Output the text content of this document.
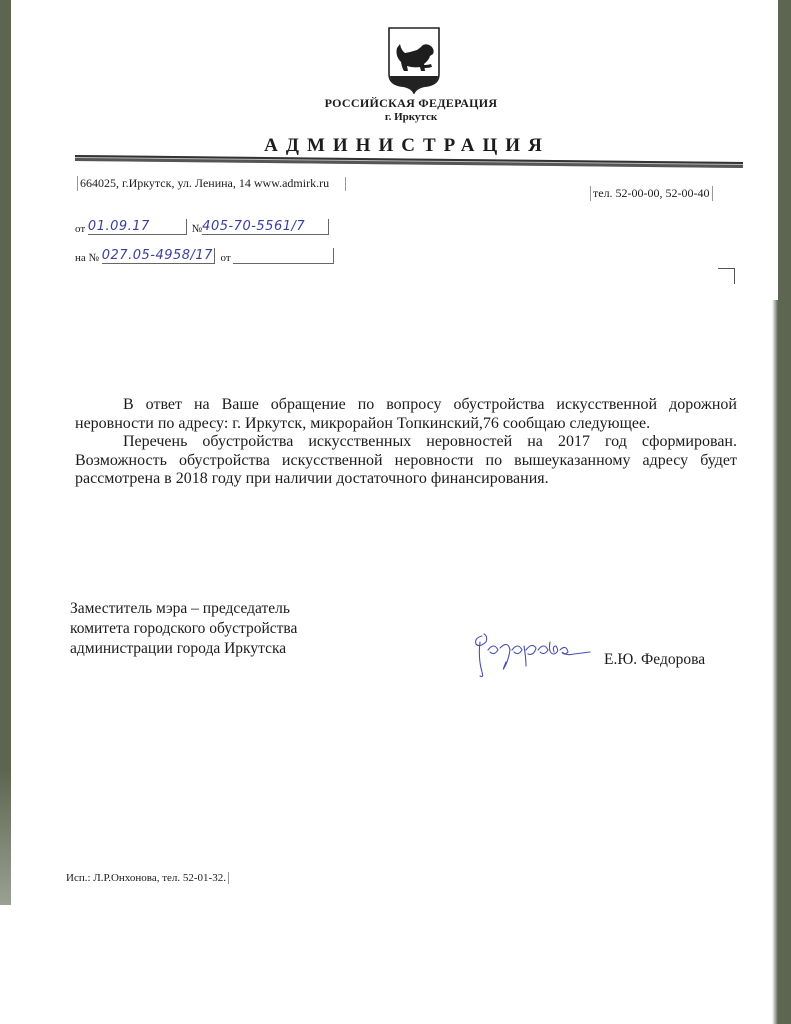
РОССИЙСКАЯ ФЕДЕРАЦИЯ
г. Иркутск
АДМИНИСТРАЦИЯ
664025, г.Иркутск, ул. Ленина, 14 www.admirk.ru
тел. 52-00-00, 52-00-40
от 01.09.17	№405-70-5561/7
на № 027.05-4958/17 от

В ответ на Ваше обращение по вопросу обустройства искусственной дорожной неровности по адресу: г. Иркутск, микрорайон Топкинский,76 сообщаю следующее.

Перечень обустройства искусственных неровностей на 2017 год сформирован. Возможность обустройства искусственной неровности по вышеуказанному адресу будет рассмотрена в 2018 году при наличии достаточного финансирования.

Заместитель мэра – председатель
комитета городского обустройства
администрации города Иркутска
Е.Ю. Федорова
Исп.: Л.Р.Онхонова, тел. 52-01-32.
